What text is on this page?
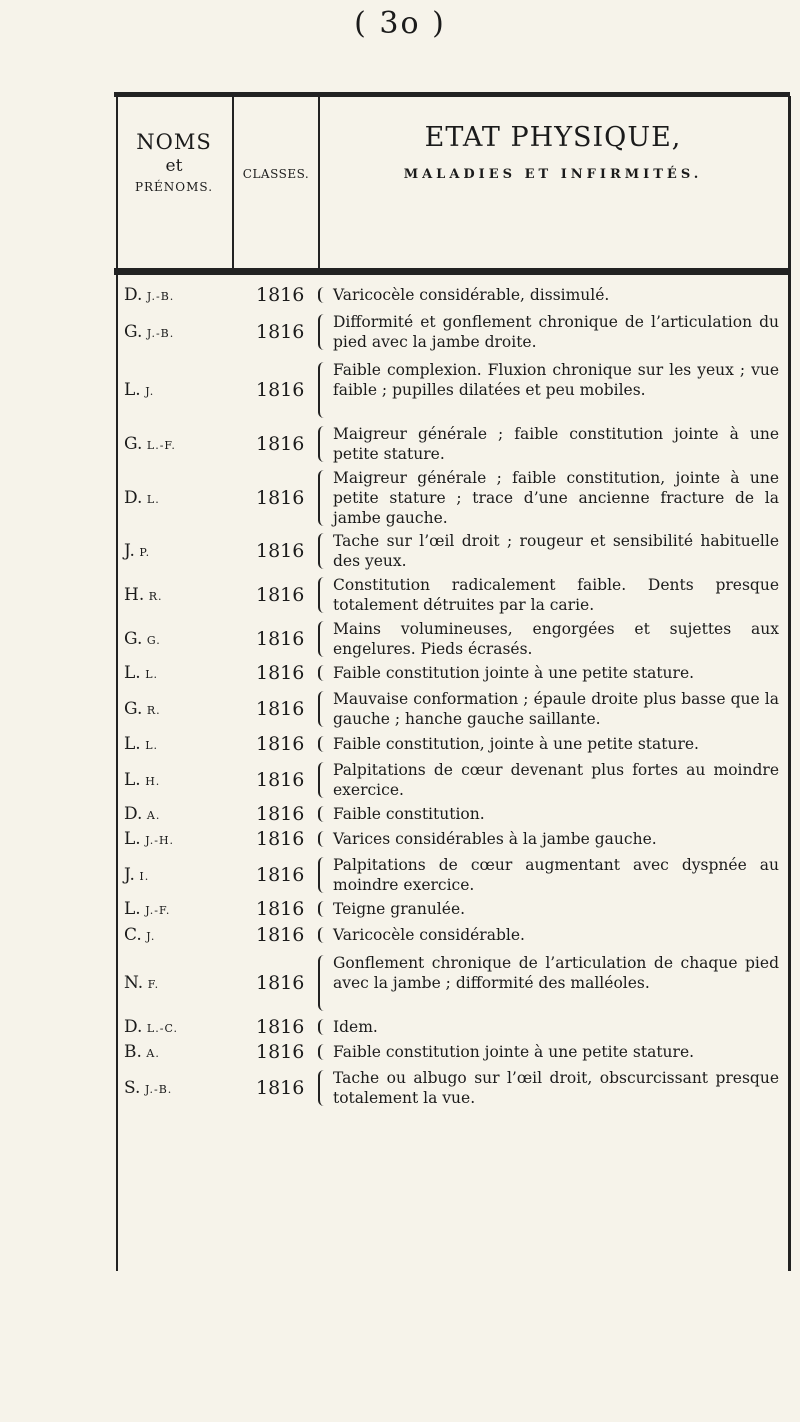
( 3o )
NOMS
et
PRÉNOMS.
CLASSES.
ETAT PHYSIQUE,
MALADIES ET INFIRMITÉS.
D. J.-B.	1816 Varicocèle considérable, dissimulé.
G. J.-B.	1816 Difformité et gonflement chronique de l’articulation du pied avec la jambe droite.
L. J.	1816
Faible complexion. Fluxion chronique sur les yeux ; vue faible ; pupilles dilatées et peu mobiles.
G. L.-F.	1816 Maigreur générale ; faible constitution jointe à une petite stature.
D. L.	1816
Maigreur générale ; faible constitution, jointe à une petite stature ; trace d’une ancienne fracture de la jambe gauche.
J. P.	1816 Tache sur l’œil droit ; rougeur et sensibilité habituelle des yeux.
H. R.	1816 Constitution radicalement faible. Dents presque totalement détruites par la carie.
G. G.	1816 Mains volumineuses, engorgées et sujettes aux engelures. Pieds écrasés.
L. L.	1816 Faible constitution jointe à une petite stature.
G. R.	1816 Mauvaise conformation ; épaule droite plus basse que la gauche ; hanche gauche saillante.
L. L.	1816 Faible constitution, jointe à une petite stature.
L. H.	1816 Palpitations de cœur devenant plus fortes au moindre exercice.
D. A.	1816 Faible constitution.
L. J.-H.	1816 Varices considérables à la jambe gauche.
J. I.	1816 Palpitations de cœur augmentant avec dyspnée au moindre exercice.
L. J.-F.	1816 Teigne granulée.
C. J.	1816 Varicocèle considérable.
N. F.	1816
Gonflement chronique de l’articulation de chaque pied avec la jambe ; difformité des malléoles.
D. L.-C.	1816 Idem.
B. A.	1816 Faible constitution jointe à une petite stature.
S. J.-B.	1816 Tache ou albugo sur l’œil droit, obscurcissant presque totalement la vue.
